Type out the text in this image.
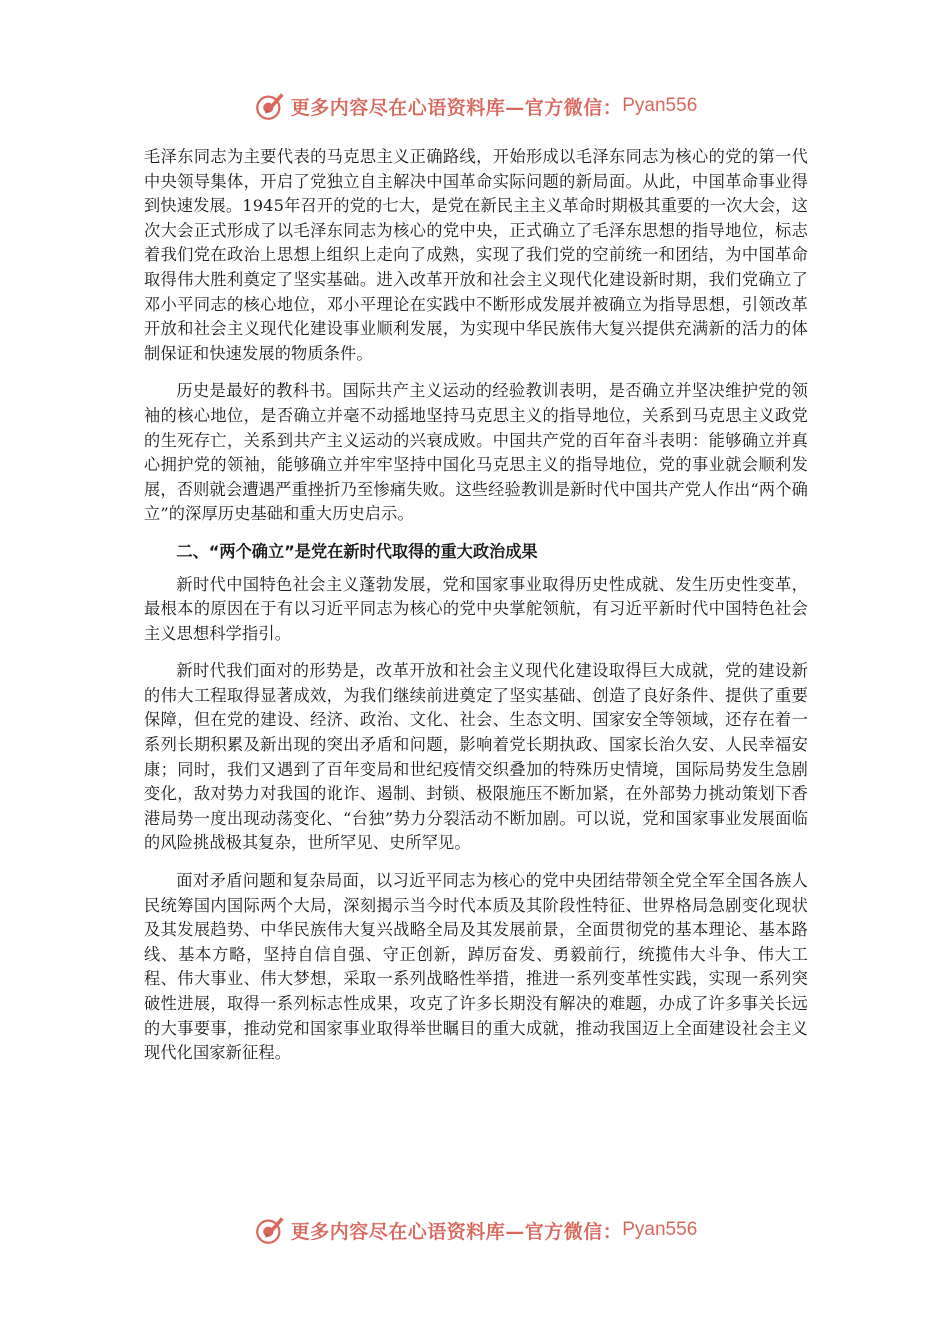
更多内容尽在心语资料库—官方微信： Pyan556

毛泽东同志为主要代表的马克思主义正确路线，开始形成以毛泽东同志为核心的党的第一代中央领导集体，开启了党独立自主解决中国革命实际问题的新局面。从此，中国革命事业得到快速发展。1945年召开的党的七大，是党在新民主主义革命时期极其重要的一次大会，这次大会正式形成了以毛泽东同志为核心的党中央，正式确立了毛泽东思想的指导地位，标志着我们党在政治上思想上组织上走向了成熟，实现了我们党的空前统一和团结，为中国革命取得伟大胜利奠定了坚实基础。进入改革开放和社会主义现代化建设新时期，我们党确立了邓小平同志的核心地位，邓小平理论在实践中不断形成发展并被确立为指导思想，引领改革开放和社会主义现代化建设事业顺利发展，为实现中华民族伟大复兴提供充满新的活力的体制保证和快速发展的物质条件。

历史是最好的教科书。国际共产主义运动的经验教训表明，是否确立并坚决维护党的领袖的核心地位，是否确立并毫不动摇地坚持马克思主义的指导地位，关系到马克思主义政党的生死存亡，关系到共产主义运动的兴衰成败。中国共产党的百年奋斗表明：能够确立并真心拥护党的领袖，能够确立并牢牢坚持中国化马克思主义的指导地位，党的事业就会顺利发展，否则就会遭遇严重挫折乃至惨痛失败。这些经验教训是新时代中国共产党人作出“两个确立”的深厚历史基础和重大历史启示。

二、“两个确立”是党在新时代取得的重大政治成果

新时代中国特色社会主义蓬勃发展，党和国家事业取得历史性成就、发生历史性变革，最根本的原因在于有以习近平同志为核心的党中央掌舵领航，有习近平新时代中国特色社会主义思想科学指引。

新时代我们面对的形势是，改革开放和社会主义现代化建设取得巨大成就，党的建设新的伟大工程取得显著成效，为我们继续前进奠定了坚实基础、创造了良好条件、提供了重要保障，但在党的建设、经济、政治、文化、社会、生态文明、国家安全等领域，还存在着一系列长期积累及新出现的突出矛盾和问题，影响着党长期执政、国家长治久安、人民幸福安康；同时，我们又遇到了百年变局和世纪疫情交织叠加的特殊历史情境，国际局势发生急剧变化，敌对势力对我国的讹诈、遏制、封锁、极限施压不断加紧，在外部势力挑动策划下香港局势一度出现动荡变化、“台独”势力分裂活动不断加剧。可以说，党和国家事业发展面临的风险挑战极其复杂，世所罕见、史所罕见。

面对矛盾问题和复杂局面，以习近平同志为核心的党中央团结带领全党全军全国各族人民统筹国内国际两个大局，深刻揭示当今时代本质及其阶段性特征、世界格局急剧变化现状及其发展趋势、中华民族伟大复兴战略全局及其发展前景，全面贯彻党的基本理论、基本路线、基本方略，坚持自信自强、守正创新，踔厉奋发、勇毅前行，统揽伟大斗争、伟大工程、伟大事业、伟大梦想，采取一系列战略性举措，推进一系列变革性实践，实现一系列突破性进展，取得一系列标志性成果，攻克了许多长期没有解决的难题，办成了许多事关长远的大事要事，推动党和国家事业取得举世瞩目的重大成就，推动我国迈上全面建设社会主义现代化国家新征程。

更多内容尽在心语资料库—官方微信： Pyan556
